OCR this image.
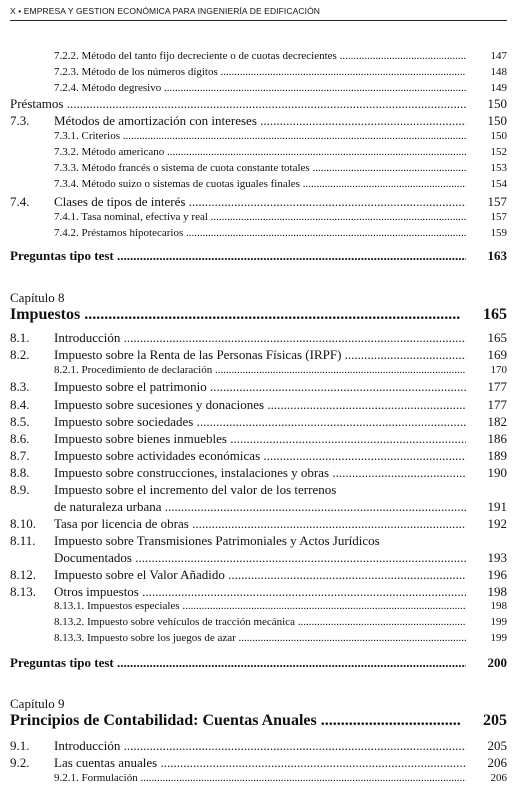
X • EMPRESA Y GESTION ECONÓMICA PARA INGENIERÍA DE EDIFICACIÓN
7.2.2. Método del tanto fijo decreciente o de cuotas decrecientes .....	147
7.2.3. Método de los números dígitos .....	148
7.2.4. Método degresivo .....	149
Préstamos .....	150
7.3. Métodos de amortización con intereses .....	150
7.3.1. Criterios .....	150
7.3.2. Método americano .....	152
7.3.3. Método francés o sistema de cuota constante totales .....	153
7.3.4. Método suizo o sistemas de cuotas iguales finales .....	154
7.4. Clases de tipos de interés .....	157
7.4.1. Tasa nominal, efectiva y real .....	157
7.4.2. Préstamos hipotecarios .....	159
Preguntas tipo test .....	163
Capítulo 8
Impuestos .....	165
8.1. Introducción .....	165
8.2. Impuesto sobre la Renta de las Personas Físicas (IRPF) .....	169
8.2.1. Procedimiento de declaración .....	170
8.3. Impuesto sobre el patrimonio .....	177
8.4. Impuesto sobre sucesiones y donaciones .....	177
8.5. Impuesto sobre sociedades .....	182
8.6. Impuesto sobre bienes inmuebles .....	186
8.7. Impuesto sobre actividades económicas .....	189
8.8. Impuesto sobre construcciones, instalaciones y obras .....	190
8.9. Impuesto sobre el incremento del valor de los terrenos
de naturaleza urbana .....	191
8.10. Tasa por licencia de obras .....	192
8.11. Impuesto sobre Transmisiones Patrimoniales y Actos Jurídicos
Documentados .....	193
8.12. Impuesto sobre el Valor Añadido .....	196
8.13. Otros impuestos .....	198
8.13.1. Impuestos especiales .....	198
8.13.2. Impuesto sobre vehículos de tracción mecánica .....	199
8.13.3. Impuesto sobre los juegos de azar .....	199
Preguntas tipo test .....	200
Capítulo 9
Principios de Contabilidad: Cuentas Anuales .....	205
9.1. Introducción .....	205
9.2. Las cuentas anuales .....	206
9.2.1. Formulación .....	206
